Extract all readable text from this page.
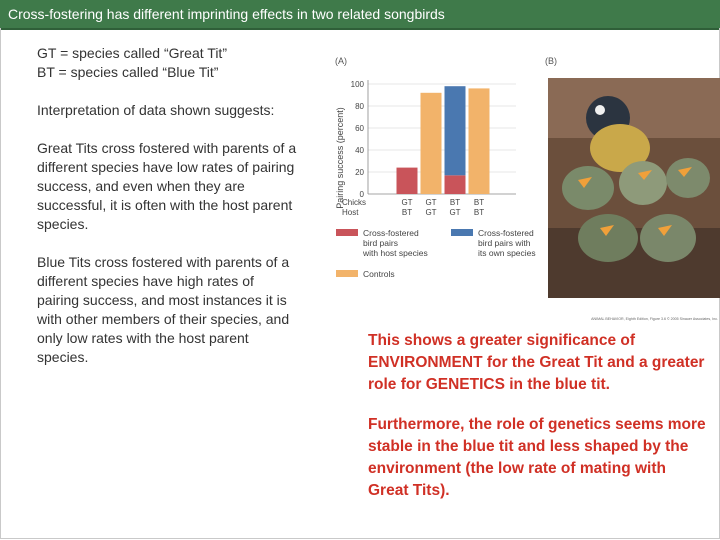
Cross-fostering has different imprinting effects in two related songbirds

GT = species called “Great Tit”

BT = species called “Blue Tit”

Interpretation of data shown suggests:

Great Tits cross fostered with parents of a different species have low rates of pairing success, and even when they are successful, it is often with the host parent species.

Blue Tits cross fostered with parents of a different species have high rates of pairing success, and most instances it is with other members of their species, and only low rates with the host parent species.

(A)	(B)
Pairing success (percent) 0
20
40
60
80
100
GT
BT
GT
GT
BT
GT
BT
BT
Chicks
Host
Cross-fostered
bird pairs
with host species
Cross-fostered
bird pairs with
its own species
Controls
ANIMAL BEHAVIOR, Eighth Edition, Figure 3.6 © 2005 Sinauer Associates, Inc.

This shows a greater significance of ENVIRONMENT for the Great Tit and a greater role for GENETICS in the blue tit.

Furthermore, the role of genetics seems more stable in the blue tit and less shaped by the environment (the low rate of mating with Great Tits).
